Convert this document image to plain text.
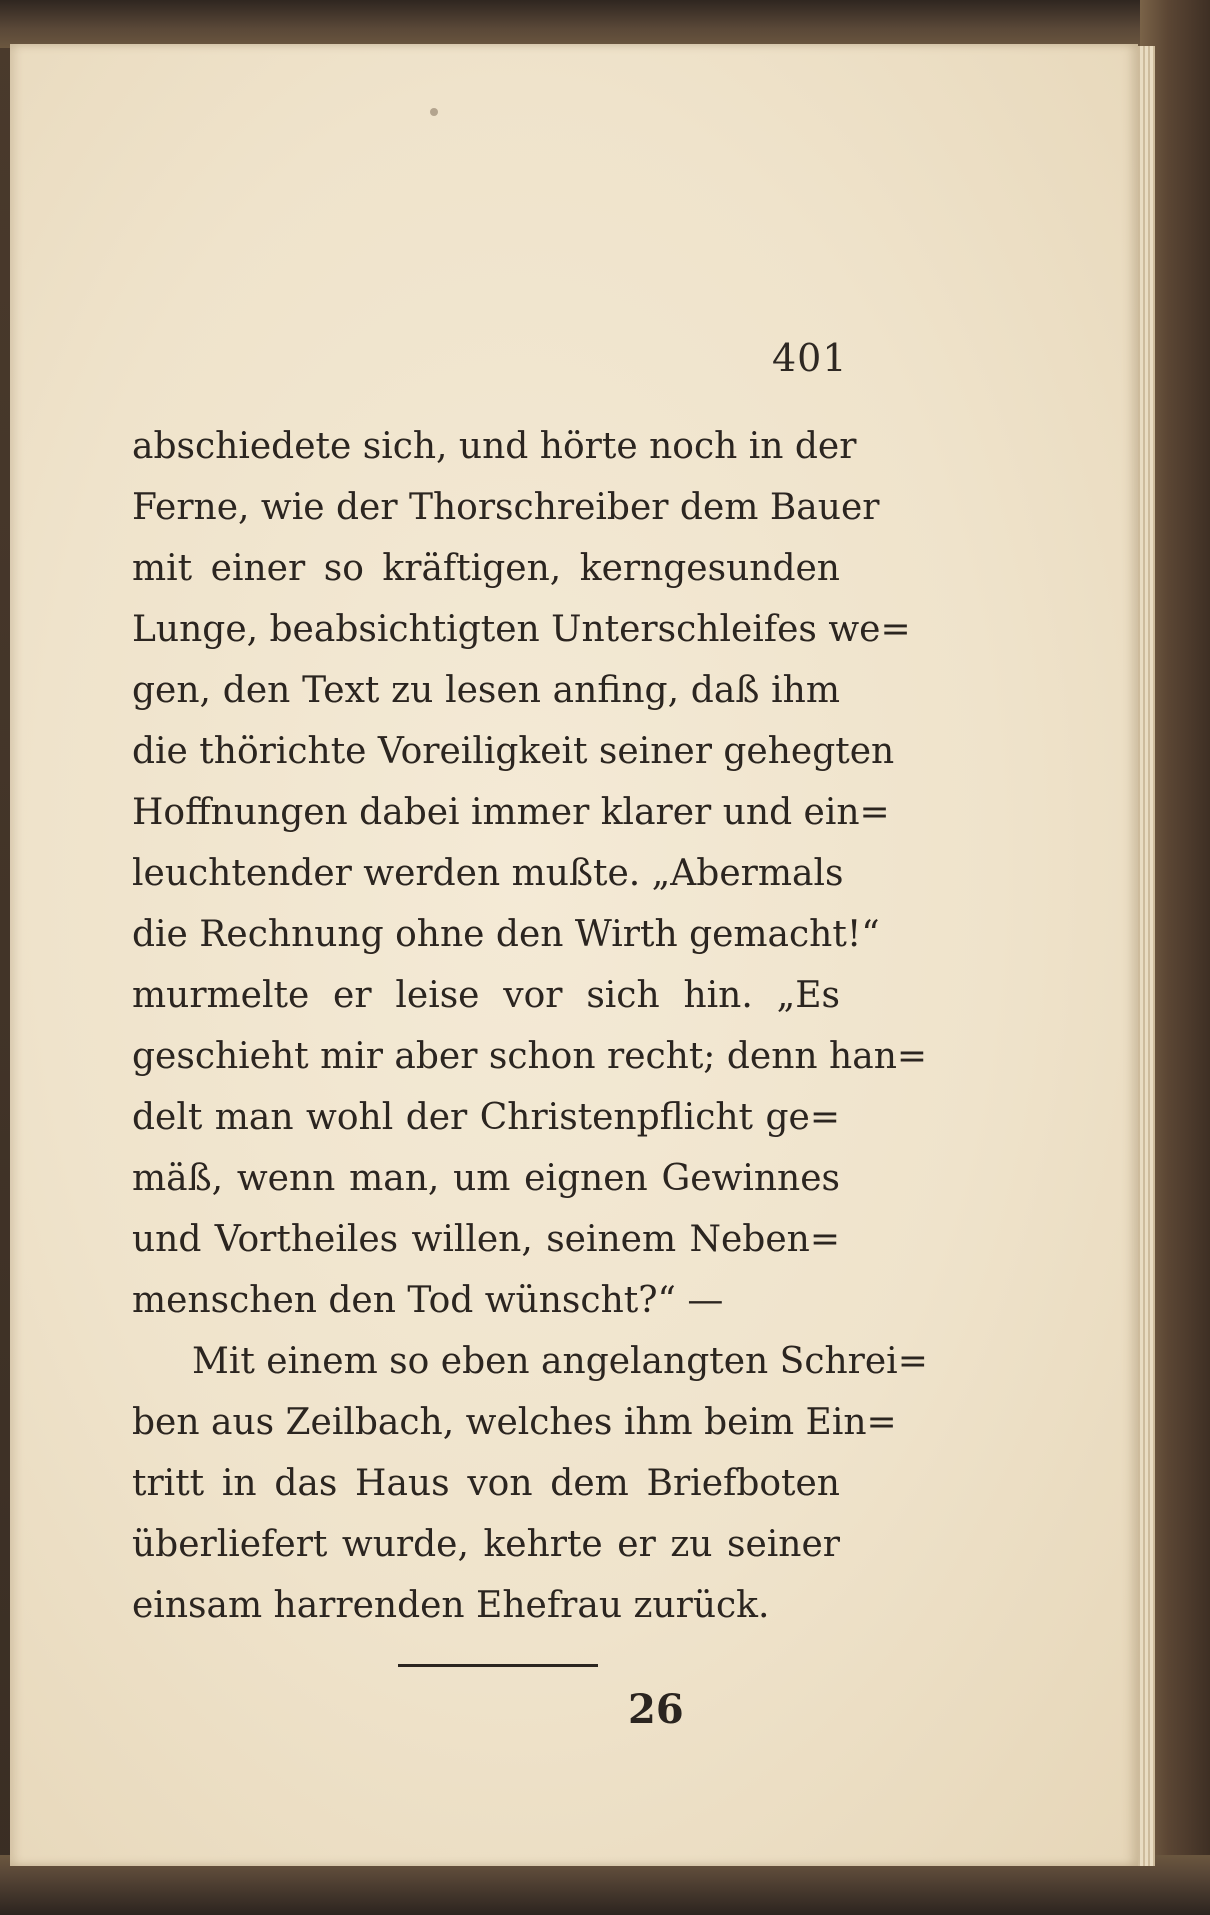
401
abschiedete sich, und hörte noch in der
Ferne, wie der Thorschreiber dem Bauer
mit einer so kräftigen, kerngesunden
Lunge, beabsichtigten Unterschleifes we=
gen, den Text zu lesen anfing, daß ihm
die thörichte Voreiligkeit seiner gehegten
Hoffnungen dabei immer klarer und ein=
leuchtender werden mußte. „Abermals
die Rechnung ohne den Wirth gemacht!“
murmelte er leise vor sich hin. „Es
geschieht mir aber schon recht; denn han=
delt man wohl der Christenpflicht ge=
mäß, wenn man, um eignen Gewinnes
und Vortheiles willen, seinem Neben=
menschen den Tod wünscht?“ —
Mit einem so eben angelangten Schrei=
ben aus Zeilbach, welches ihm beim Ein=
tritt in das Haus von dem Briefboten
überliefert wurde, kehrte er zu seiner
einsam harrenden Ehefrau zurück.
26
